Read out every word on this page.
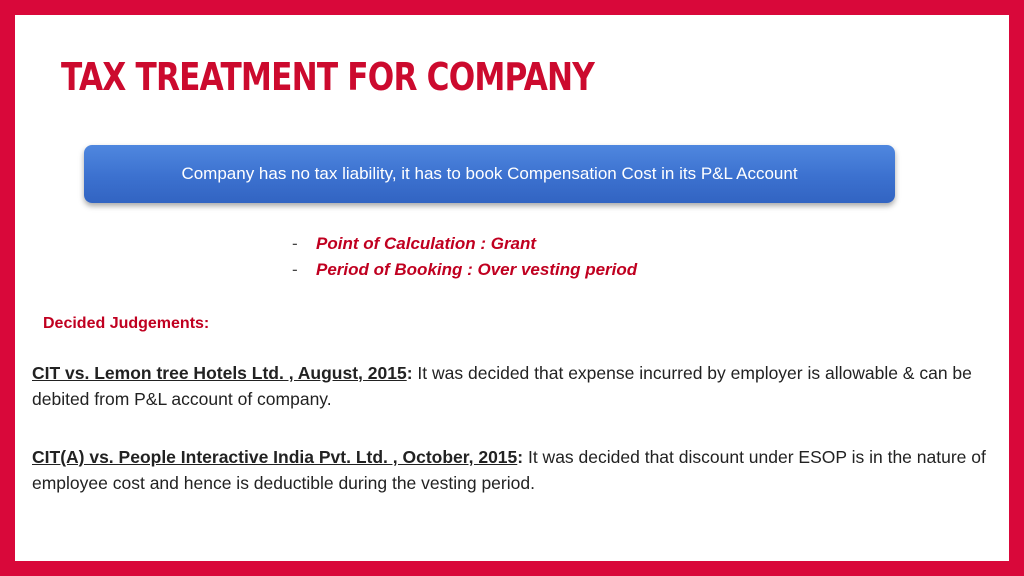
TAX TREATMENT FOR COMPANY
Company has no tax liability, it has to book Compensation Cost in its P&L Account
-	Point of Calculation : Grant
-	Period of Booking : Over vesting period
Decided Judgements:

CIT vs. Lemon tree Hotels Ltd. , August, 2015: It was decided that expense incurred by employer is allowable & can be debited from P&L account of company.

CIT(A) vs. People Interactive India Pvt. Ltd. , October, 2015: It was decided that discount under ESOP is in the nature of employee cost and hence is deductible during the vesting period.
